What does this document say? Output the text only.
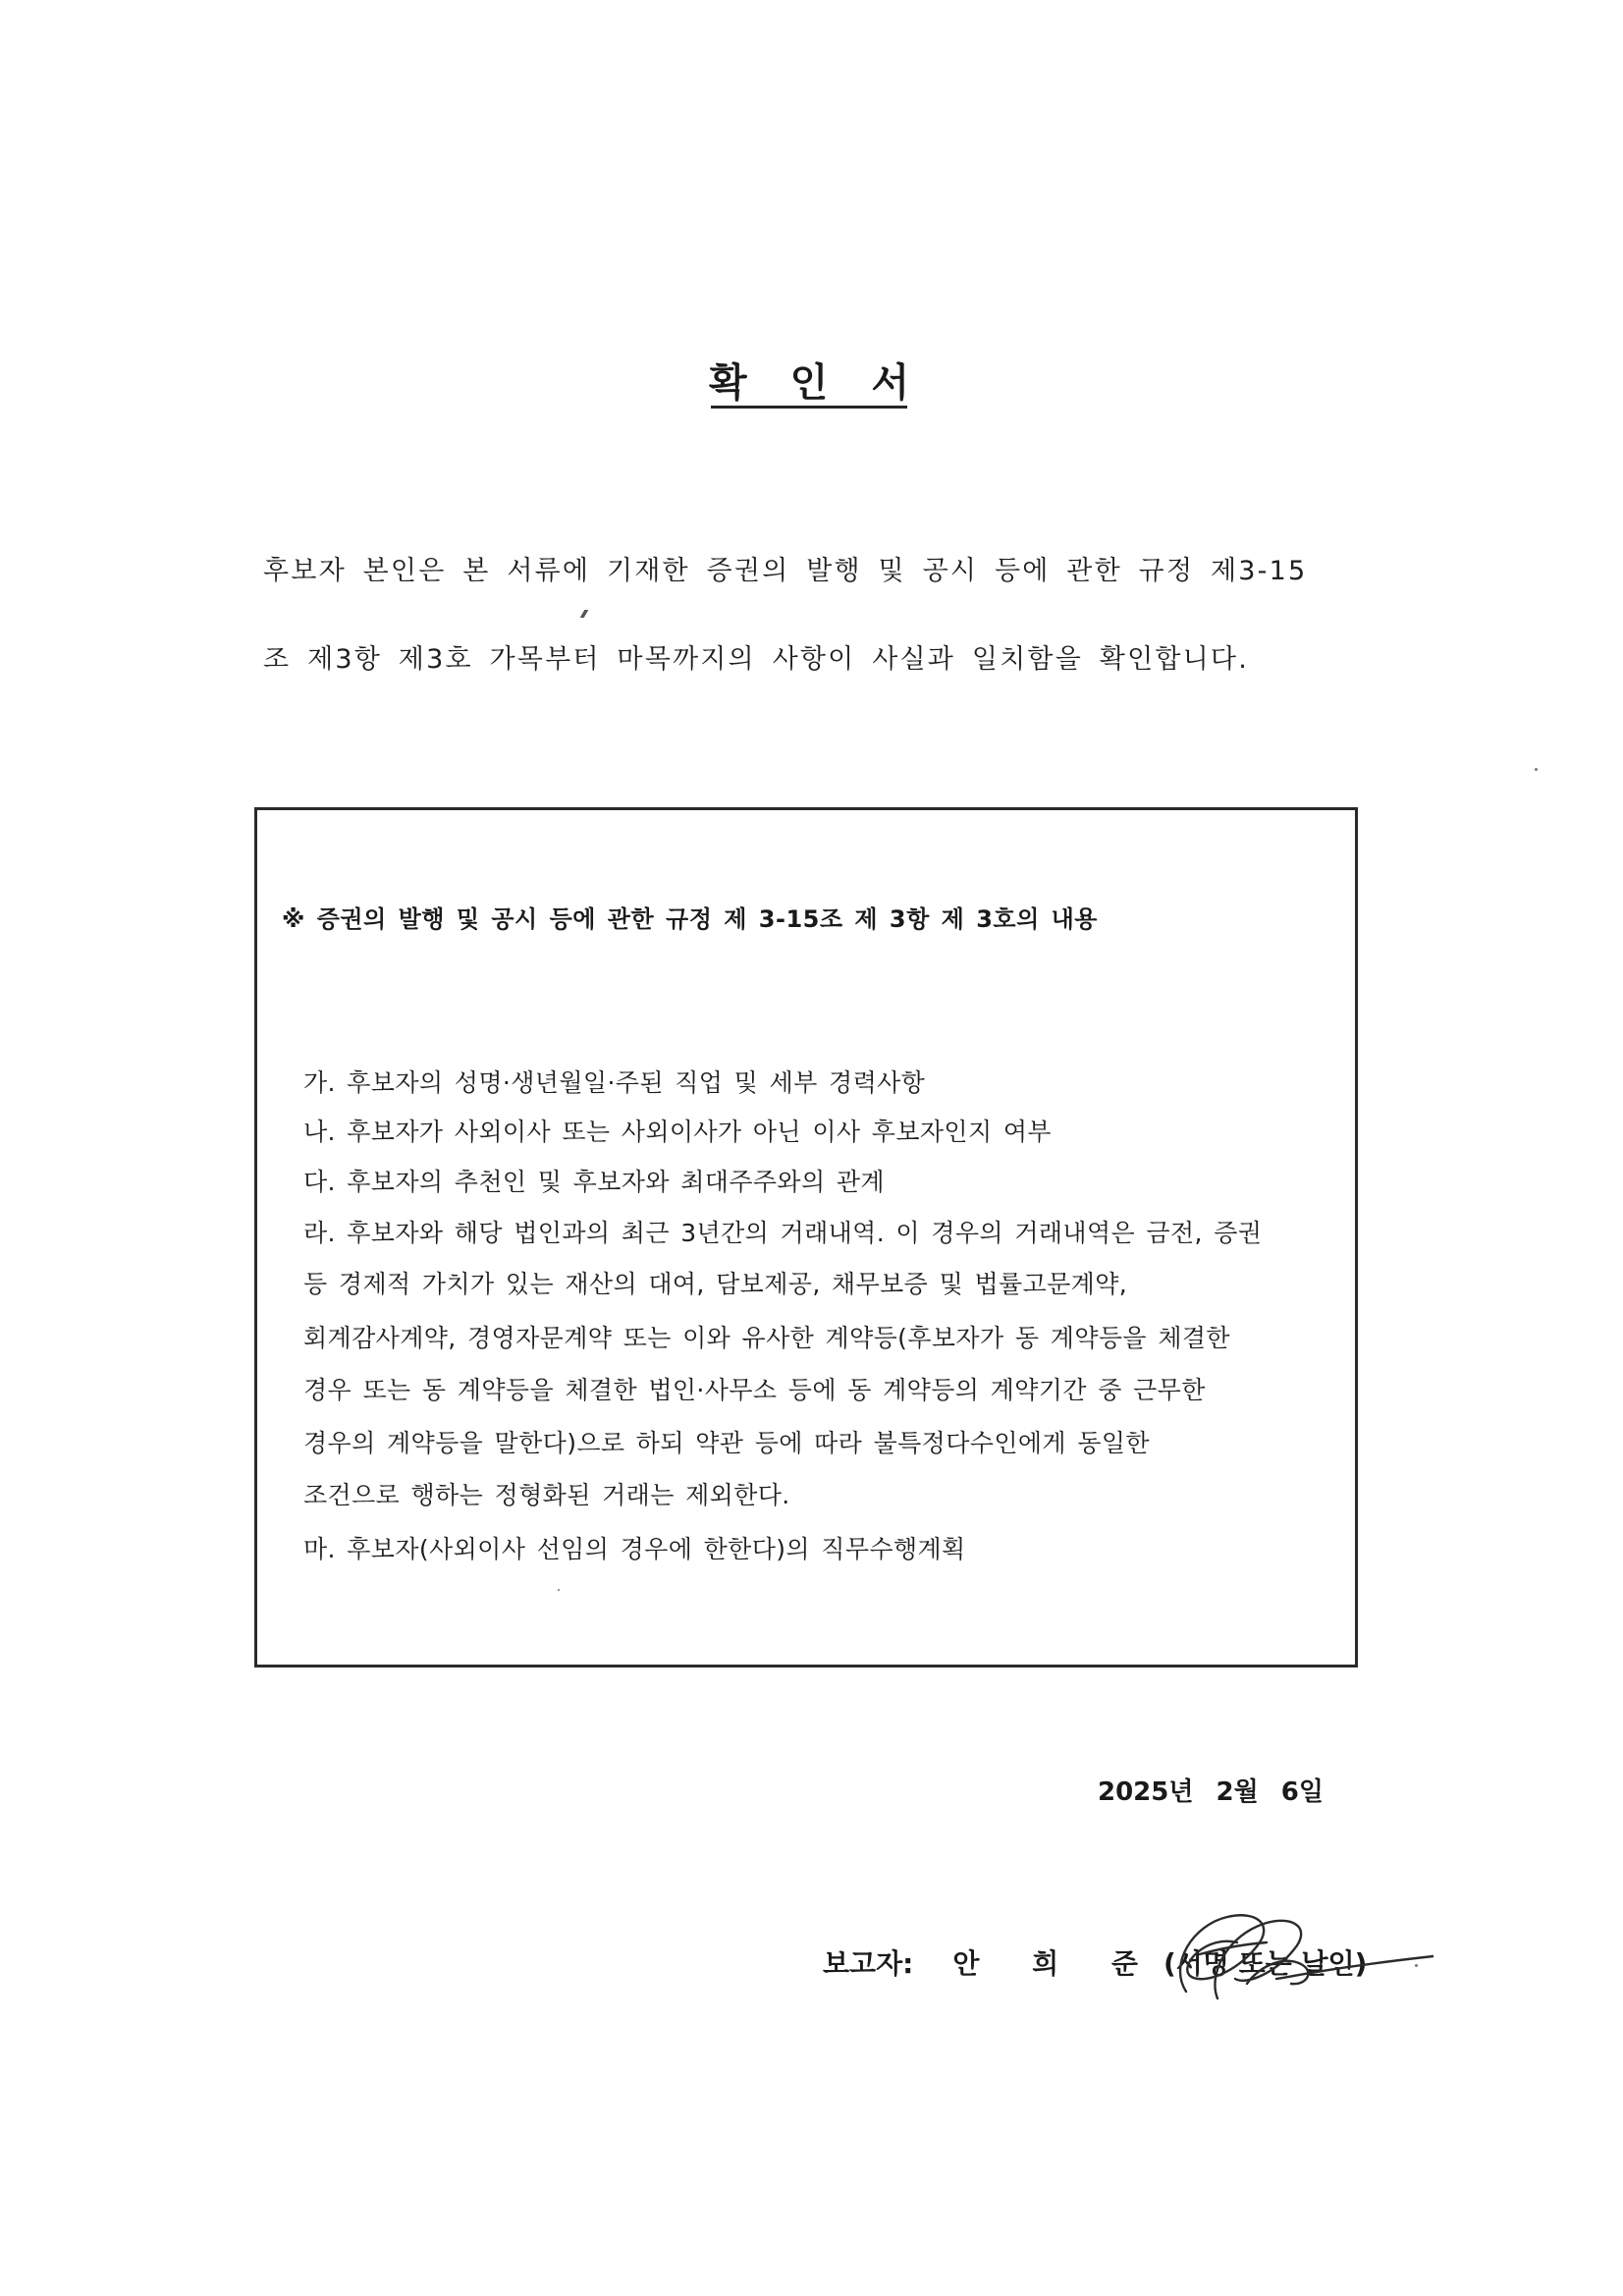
확 인 서
후보자 본인은 본 서류에 기재한 증권의 발행 및 공시 등에 관한 규정 제3-15
조 제3항 제3호 가목부터 마목까지의 사항이 사실과 일치함을 확인합니다.
※ 증권의 발행 및 공시 등에 관한 규정 제 3-15조 제 3항 제 3호의 내용
가. 후보자의 성명·생년월일·주된 직업 및 세부 경력사항
나. 후보자가 사외이사 또는 사외이사가 아닌 이사 후보자인지 여부
다. 후보자의 추천인 및 후보자와 최대주주와의 관계
라. 후보자와 해당 법인과의 최근 3년간의 거래내역. 이 경우의 거래내역은 금전, 증권
등 경제적 가치가 있는 재산의 대여, 담보제공, 채무보증 및 법률고문계약,
회계감사계약, 경영자문계약 또는 이와 유사한 계약등(후보자가 동 계약등을 체결한
경우 또는 동 계약등을 체결한 법인·사무소 등에 동 계약등의 계약기간 중 근무한
경우의 계약등을 말한다)으로 하되 약관 등에 따라 불특정다수인에게 동일한
조건으로 행하는 정형화된 거래는 제외한다.
마. 후보자(사외이사 선임의 경우에 한한다)의 직무수행계획
2025년 2월 6일
보고자: 안 희 준 (서명 또는 날인)
